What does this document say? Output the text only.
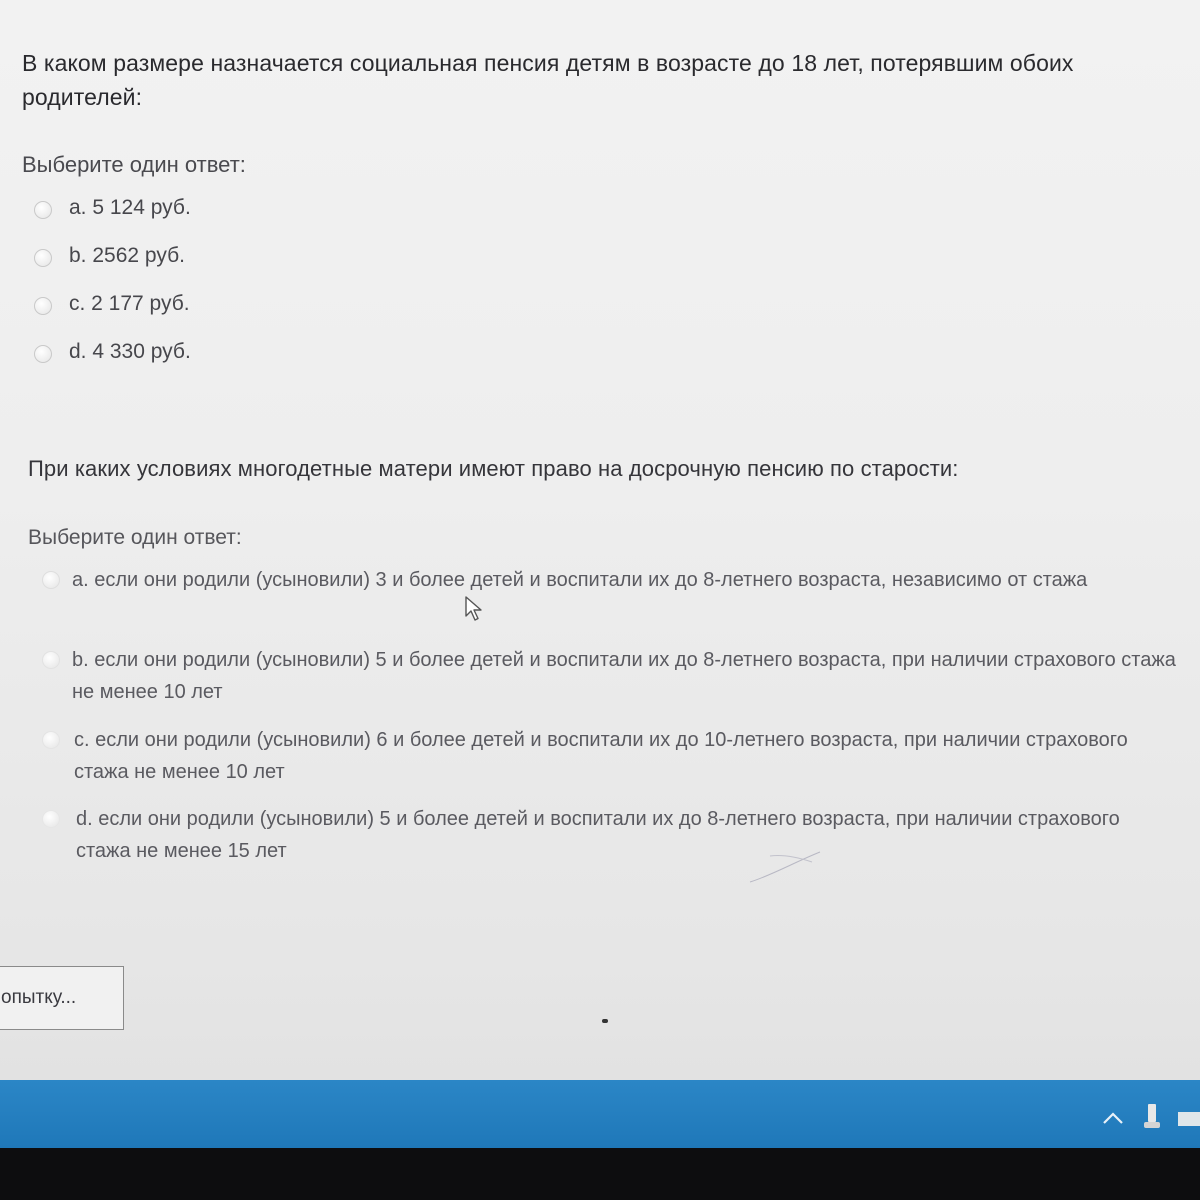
В каком размере назначается социальная пенсия детям в возрасте до 18 лет, потерявшим обоих родителей:
Выберите один ответ:
a. 5 124 руб.
b. 2562 руб.
c. 2 177 руб.
d. 4 330 руб.
При каких условиях многодетные матери имеют право на досрочную пенсию по старости:
Выберите один ответ:
a. если они родили (усыновили) 3 и более детей и воспитали их до 8-летнего возраста, независимо от стажа
b. если они родили (усыновили) 5 и более детей и воспитали их до 8-летнего возраста, при наличии страхового стажа не менее 10 лет
c. если они родили (усыновили) 6 и более детей и воспитали их до 10-летнего возраста, при наличии страхового стажа не менее 10 лет
d. если они родили (усыновили) 5 и более детей и воспитали их до 8-летнего возраста, при наличии страхового стажа не менее 15 лет
опытку...
